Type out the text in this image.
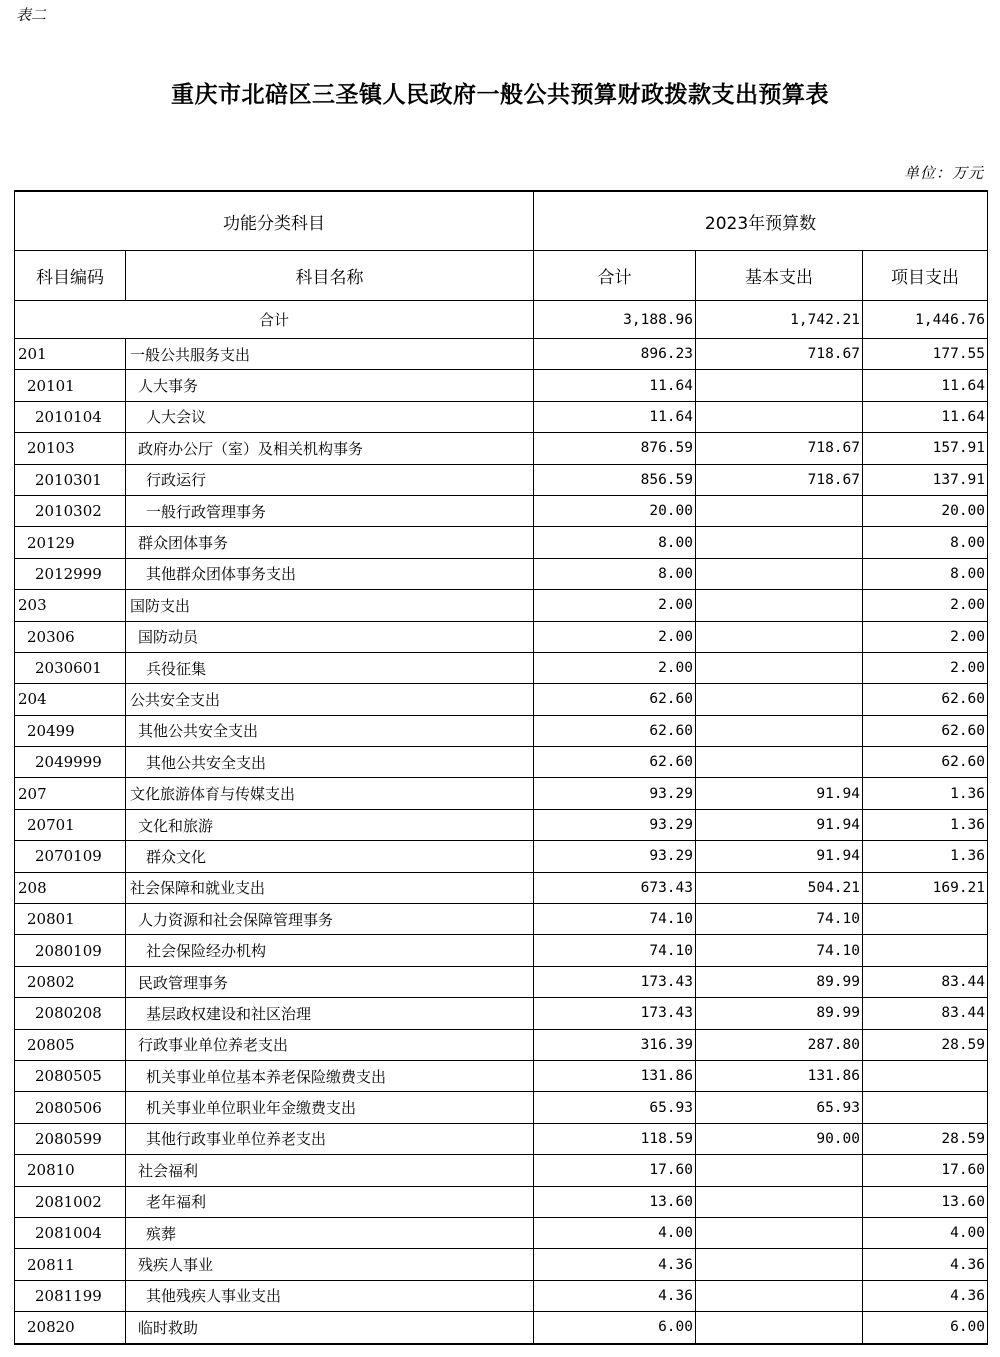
表二
重庆市北碚区三圣镇人民政府一般公共预算财政拨款支出预算表
单位：万元
功能分类科目		2023年预算数		
科目编码	科目名称	合计	基本支出	项目支出
合计		3,188.96	1,742.21	1,446.76
201	一般公共服务支出	896.23	718.67	177.55
20101	人大事务	11.64		11.64
2010104	人大会议	11.64		11.64
20103	政府办公厅（室）及相关机构事务	876.59	718.67	157.91
2010301	行政运行	856.59	718.67	137.91
2010302	一般行政管理事务	20.00		20.00
20129	群众团体事务	8.00		8.00
2012999	其他群众团体事务支出	8.00		8.00
203	国防支出	2.00		2.00
20306	国防动员	2.00		2.00
2030601	兵役征集	2.00		2.00
204	公共安全支出	62.60		62.60
20499	其他公共安全支出	62.60		62.60
2049999	其他公共安全支出	62.60		62.60
207	文化旅游体育与传媒支出	93.29	91.94	1.36
20701	文化和旅游	93.29	91.94	1.36
2070109	群众文化	93.29	91.94	1.36
208	社会保障和就业支出	673.43	504.21	169.21
20801	人力资源和社会保障管理事务	74.10	74.10	
2080109	社会保险经办机构	74.10	74.10	
20802	民政管理事务	173.43	89.99	83.44
2080208	基层政权建设和社区治理	173.43	89.99	83.44
20805	行政事业单位养老支出	316.39	287.80	28.59
2080505	机关事业单位基本养老保险缴费支出	131.86	131.86	
2080506	机关事业单位职业年金缴费支出	65.93	65.93	
2080599	其他行政事业单位养老支出	118.59	90.00	28.59
20810	社会福利	17.60		17.60
2081002	老年福利	13.60		13.60
2081004	殡葬	4.00		4.00
20811	残疾人事业	4.36		4.36
2081199	其他残疾人事业支出	4.36		4.36
20820	临时救助	6.00		6.00
